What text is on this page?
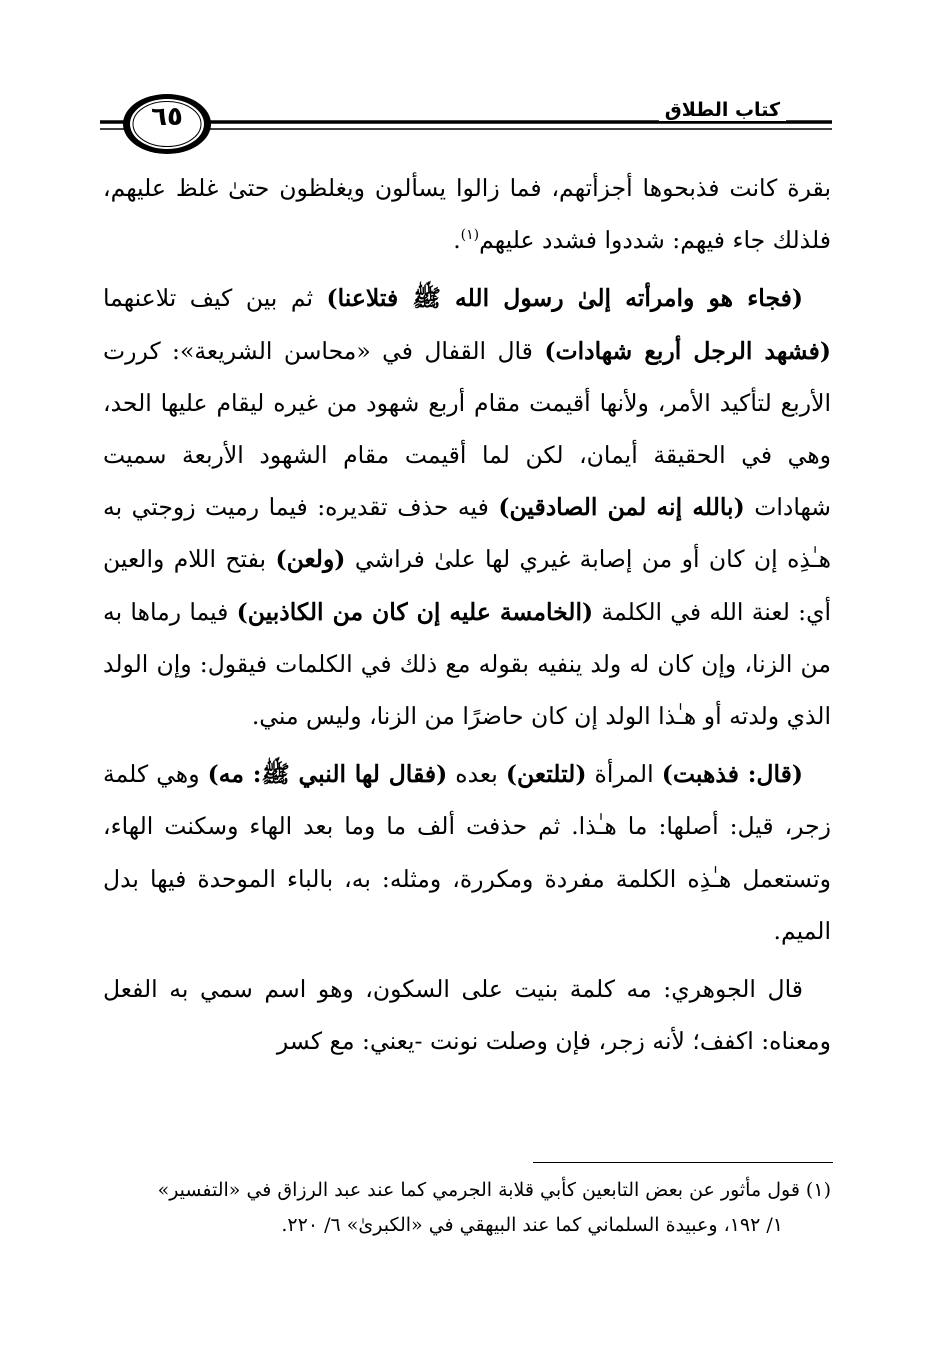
كتاب الطلاق
٦٥

بقرة كانت فذبحوها أجزأتهم، فما زالوا يسألون ويغلظون حتىٰ غلظ عليهم، فلذلك جاء فيهم: شددوا فشدد عليهم$^{(١)}$.

(فجاء هو وامرأته إلىٰ رسول الله ﷺ فتلاعنا) ثم بين كيف تلاعنهما (فشهد الرجل أربع شهادات) قال القفال في «محاسن الشريعة»: كررت الأربع لتأكيد الأمر، ولأنها أقيمت مقام أربع شهود من غيره ليقام عليها الحد، وهي في الحقيقة أيمان، لكن لما أقيمت مقام الشهود الأربعة سميت شهادات (بالله إنه لمن الصادقين) فيه حذف تقديره: فيما رميت زوجتي به هـٰذِه إن كان أو من إصابة غيري لها علىٰ فراشي (ولعن) بفتح اللام والعين أي: لعنة الله في الكلمة (الخامسة عليه إن كان من الكاذبين) فيما رماها به من الزنا، وإن كان له ولد ينفيه بقوله مع ذلك في الكلمات فيقول: وإن الولد الذي ولدته أو هـٰذا الولد إن كان حاضرًا من الزنا، وليس مني.

(قال: فذهبت) المرأة (لتلتعن) بعده (فقال لها النبي ﷺ: مه) وهي كلمة زجر، قيل: أصلها: ما هـٰذا. ثم حذفت ألف ما وما بعد الهاء وسكنت الهاء، وتستعمل هـٰذِه الكلمة مفردة ومكررة، ومثله: به، بالباء الموحدة فيها بدل الميم.

قال الجوهري: مه كلمة بنيت على السكون، وهو اسم سمي به الفعل ومعناه: اكفف؛ لأنه زجر، فإن وصلت نونت -يعني: مع كسر

(١) قول مأثور عن بعض التابعين كأبي قلابة الجرمي كما عند عبد الرزاق في «التفسير»

١/ ١٩٢، وعبيدة السلماني كما عند البيهقي في «الكبرىٰ» ٦/ ٢٢٠.
